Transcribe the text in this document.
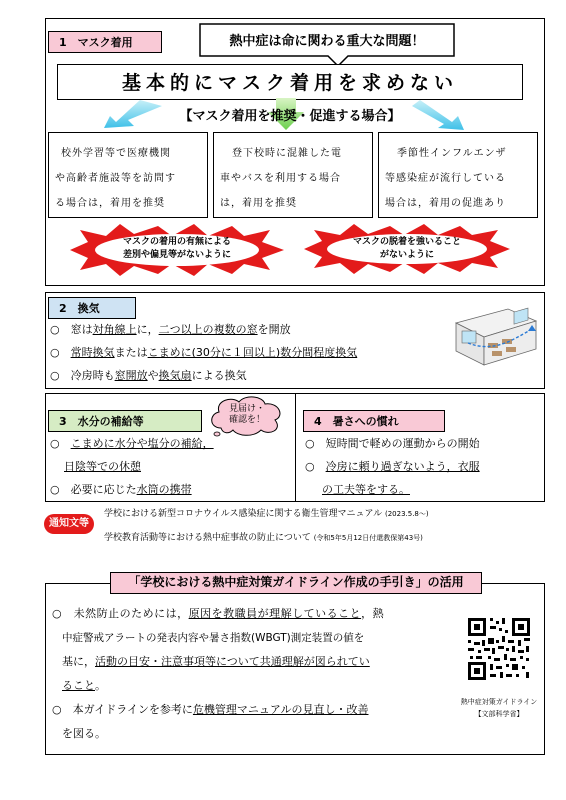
1　マスク着用	熱中症は命に関わる重大な問題！
基本的にマスク着用を求めない
【マスク着用を推奨・促進する場合】
校外学習等で医療機関
や高齢者施設等を訪問す
る場合は，着用を推奨
登下校時に混雑した電
車やバスを利用する場合
は，着用を推奨
季節性インフルエンザ
等感染症が流行している
場合は，着用の促進あり
マスクの着用の有無による
差別や偏見等がないように
マスクの脱着を強いること
がないように
2　換気
○　窓は対角線上に，二つ以上の複数の窓を開放
○　常時換気またはこまめに(30分に１回以上)数分間程度換気
○　冷房時も窓開放や換気扇による換気
3　水分の補給等
見届け・
確認を！
○　こまめに水分や塩分の補給，
日陰等での休憩
○　必要に応じた水筒の携帯
4　暑さへの慣れ
○　短時間で軽めの運動からの開始
○　冷房に頼り過ぎないよう，衣服
の工夫等をする。
通知文等
学校における新型コロナウイルス感染症に関する衛生管理マニュアル (2023.5.8〜)
学校教育活動等における熱中症事故の防止について (令和5年5月12日付還教保第43号)
「学校における熱中症対策ガイドライン作成の手引き」の活用
○　未然防止のためには，原因を教職員が理解していること，熱
中症警戒アラートの発表内容や暑さ指数(WBGT)測定装置の値を
基に，活動の目安・注意事項等について共通理解が図られてい
ること。
○　本ガイドラインを参考に危機管理マニュアルの見直し・改善
を図る。
熱中症対策ガイドライン
【文部科学省】
